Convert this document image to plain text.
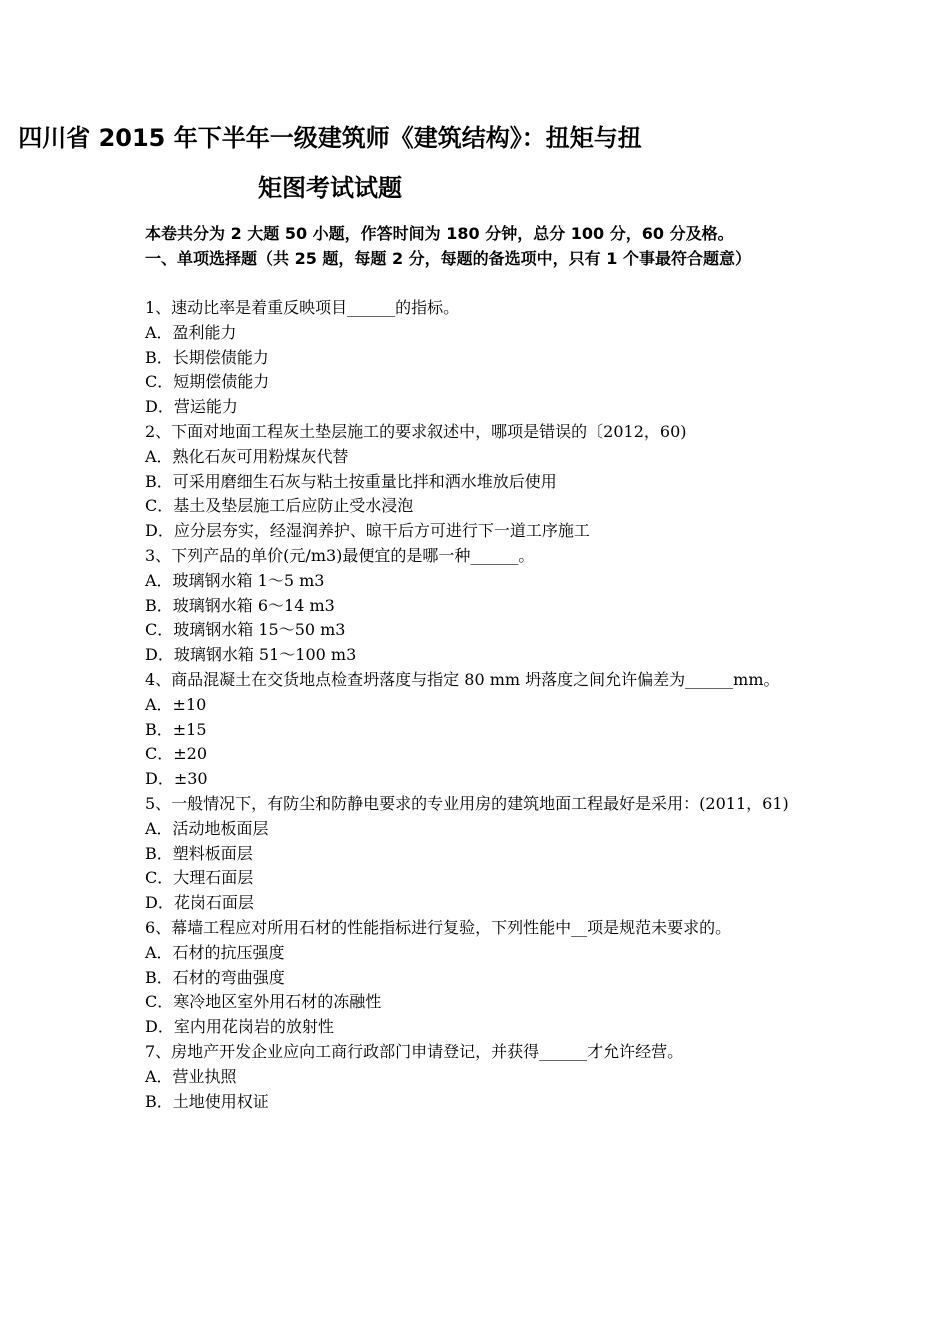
四川省 2015 年下半年一级建筑师《建筑结构》：扭矩与扭
矩图考试试题

本卷共分为 2 大题 50 小题，作答时间为 180 分钟，总分 100 分，60 分及格。

一、单项选择题（共 25 题，每题 2 分，每题的备选项中，只有 1 个事最符合题意）

1、速动比率是着重反映项目______的指标。

A．盈利能力

B．长期偿债能力

C．短期偿债能力

D．营运能力

2、下面对地面工程灰土垫层施工的要求叙述中，哪项是错误的〔2012，60)

A．熟化石灰可用粉煤灰代替

B．可采用磨细生石灰与粘土按重量比拌和洒水堆放后使用

C．基土及垫层施工后应防止受水浸泡

D．应分层夯实，经湿润养护、晾干后方可进行下一道工序施工

3、下列产品的单价(元/m3)最便宜的是哪一种______。

A．玻璃钢水箱 1～5 m3

B．玻璃钢水箱 6～14 m3

C．玻璃钢水箱 15～50 m3

D．玻璃钢水箱 51～100 m3

4、商品混凝土在交货地点检查坍落度与指定 80 mm 坍落度之间允许偏差为______mm。

A．±10

B．±15

C．±20

D．±30

5、一般情况下，有防尘和防静电要求的专业用房的建筑地面工程最好是采用：(2011，61)

A．活动地板面层

B．塑料板面层

C．大理石面层

D．花岗石面层

6、幕墙工程应对所用石材的性能指标进行复验，下列性能中__项是规范未要求的。

A．石材的抗压强度

B．石材的弯曲强度

C．寒冷地区室外用石材的冻融性

D．室内用花岗岩的放射性

7、房地产开发企业应向工商行政部门申请登记，并获得______才允许经营。

A．营业执照

B．土地使用权证
